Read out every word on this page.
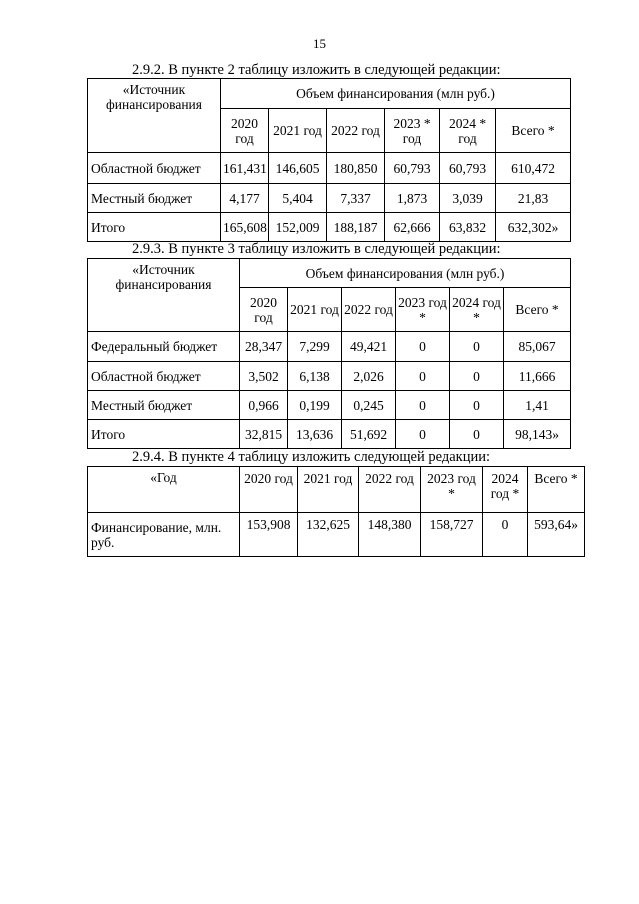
15
2.9.2. В пункте 2 таблицу изложить в следующей редакции:
«Источник финансирования	Объем финансирования (млн руб.)					
	2020 год	2021 год	2022 год	2023 * год	2024 * год	Всего *
Областной бюджет	161,431	146,605	180,850	60,793	60,793	610,472
Местный бюджет	4,177	5,404	7,337	1,873	3,039	21,83
Итого	165,608	152,009	188,187	62,666	63,832	632,302»
2.9.3. В пункте 3 таблицу изложить в следующей редакции:
«Источник финансирования	Объем финансирования (млн руб.)					
	2020 год	2021 год	2022 год	2023 год *	2024 год *	Всего *
Федеральный бюджет	28,347	7,299	49,421	0	0	85,067
Областной бюджет	3,502	6,138	2,026	0	0	11,666
Местный бюджет	0,966	0,199	0,245	0	0	1,41
Итого	32,815	13,636	51,692	0	0	98,143»
2.9.4. В пункте 4 таблицу изложить следующей редакции:
«Год	2020 год	2021 год	2022 год	2023 год *	2024 год *	Всего *
Финансирование, млн. руб.	153,908	132,625	148,380	158,727	0	593,64»
